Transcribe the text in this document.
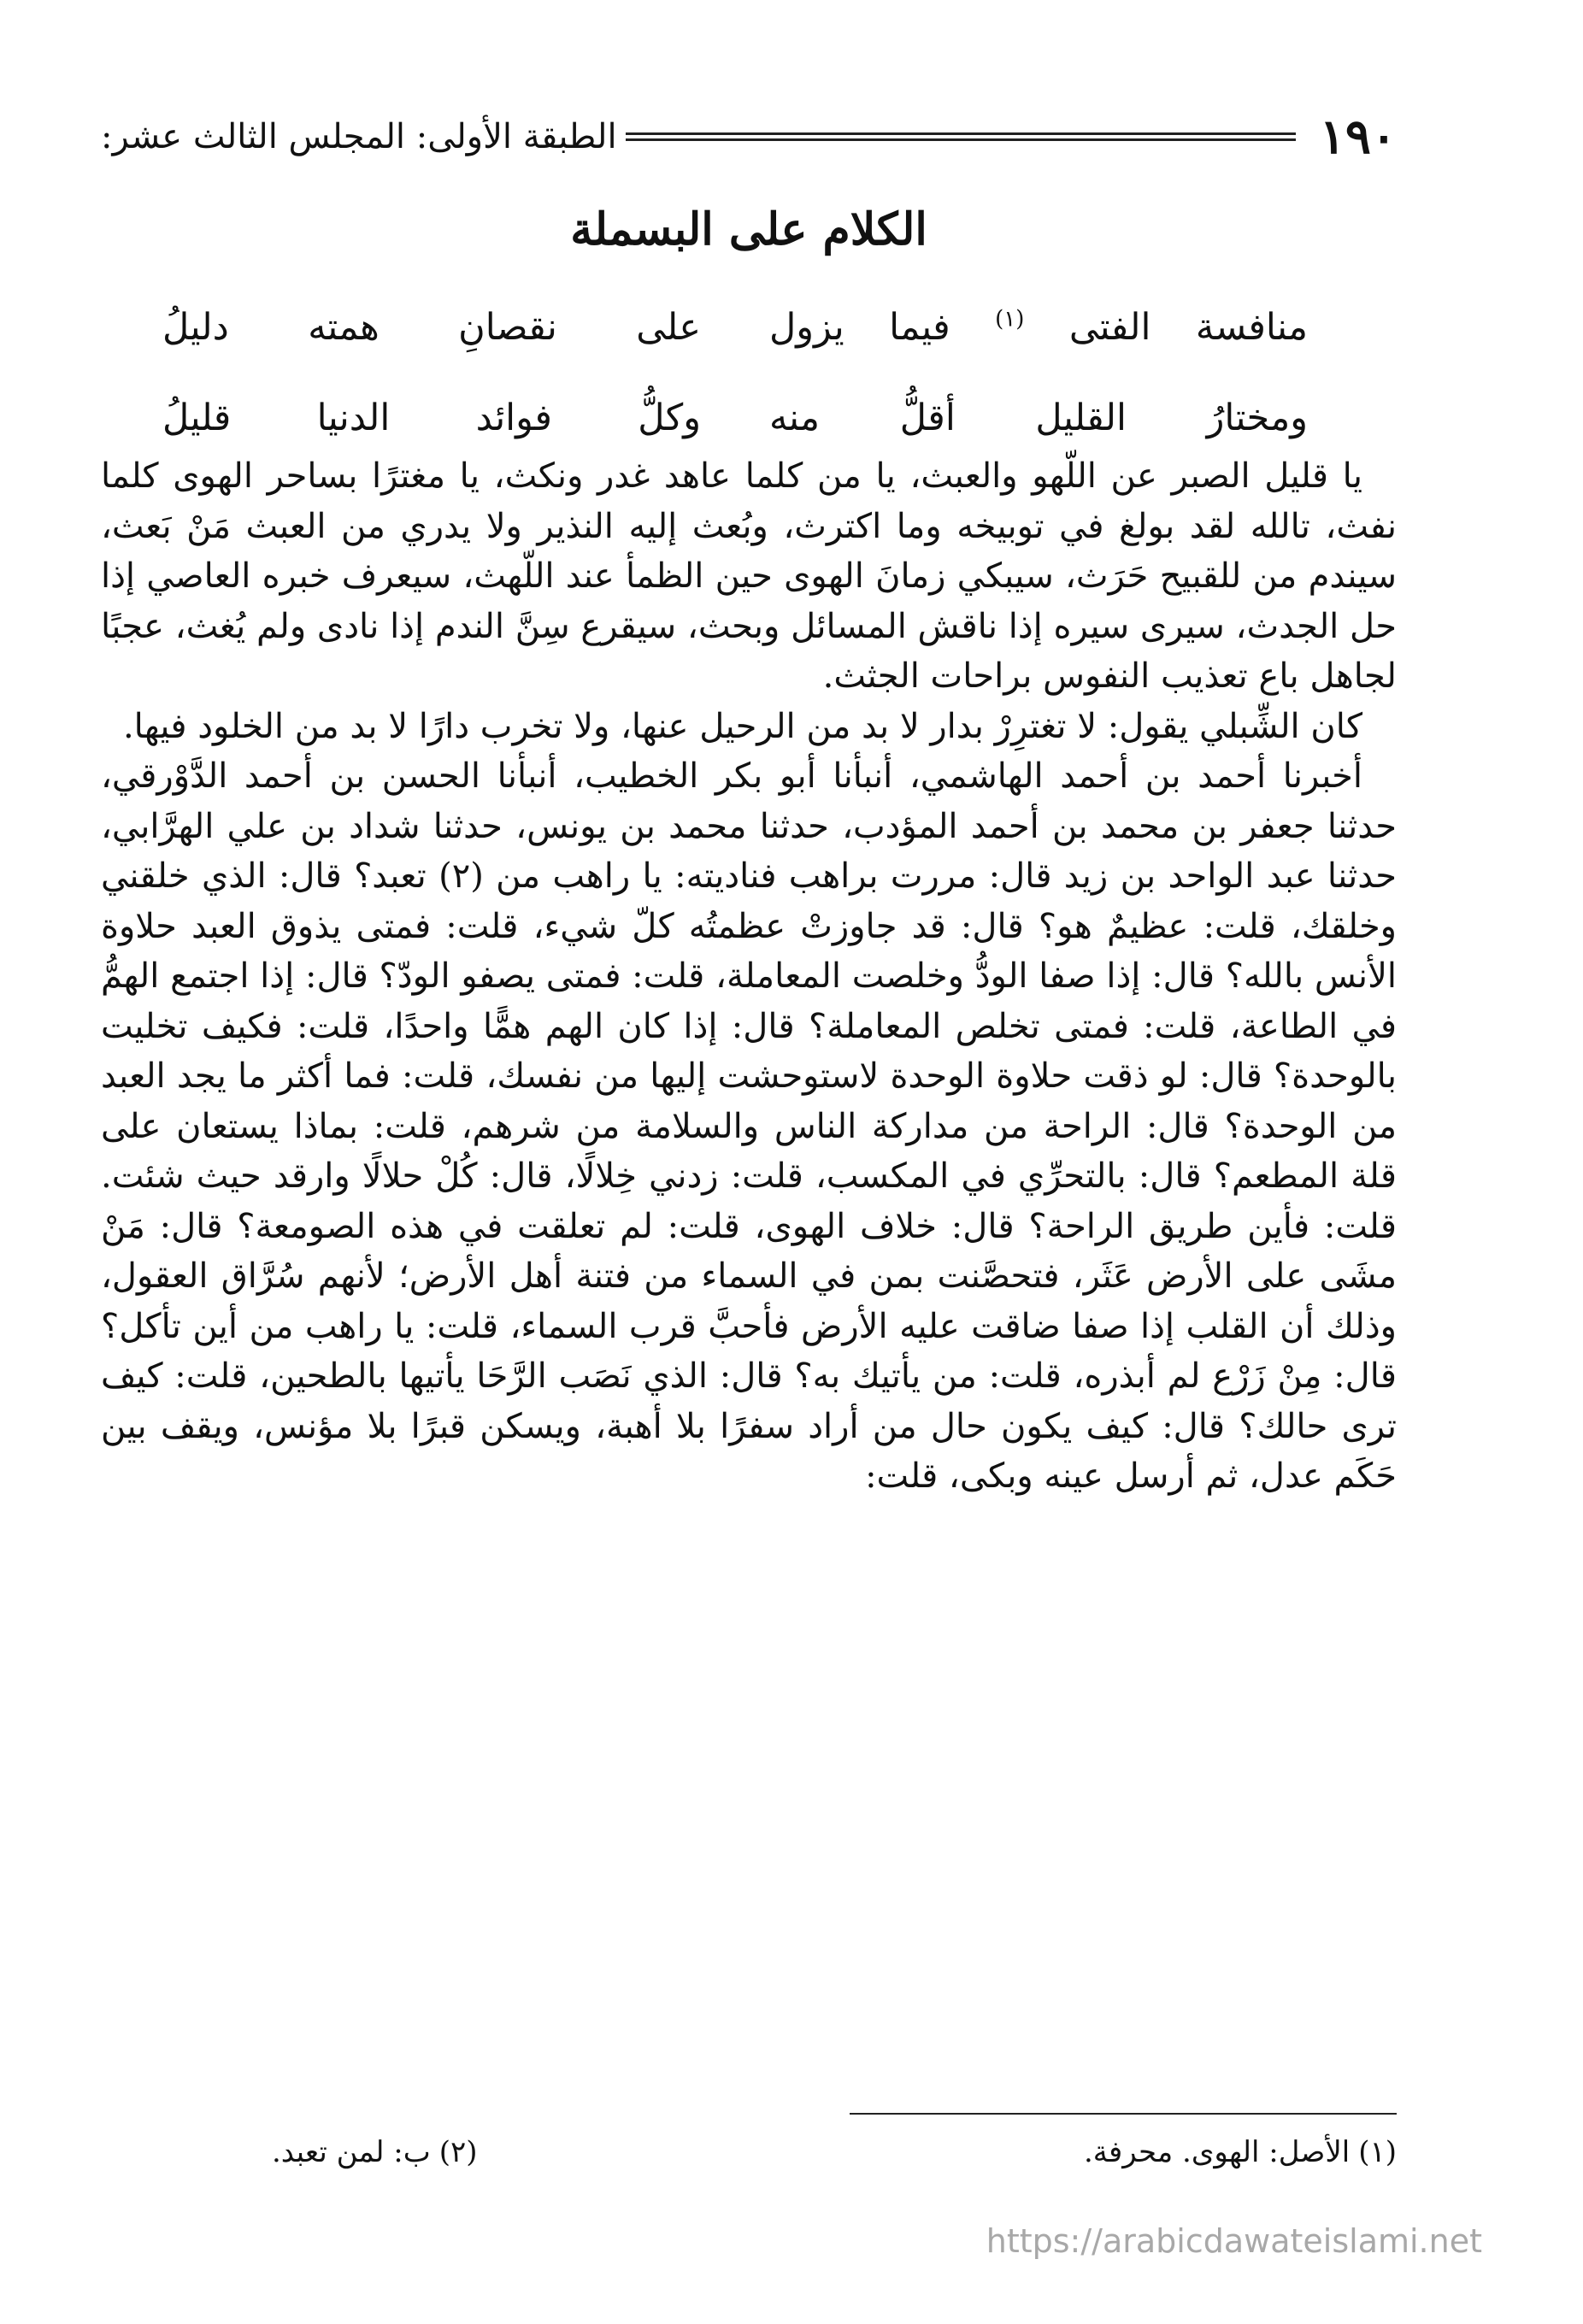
١٩٠
الطبقة الأولى: المجلس الثالث عشر:
الكلام على البسملة
منافسة الفتى $^{(١)}$ فيما يزول
على نقصانِ همته دليلُ
ومختارُ القليل أقلُّ منه
وكلُّ فوائد الدنيا قليلُ

يا قليل الصبر عن اللّهو والعبث، يا من كلما عاهد غدر ونكث، يا مغترًا بساحر الهوى كلما نفث، تالله لقد بولغ في توبيخه وما اكترث، وبُعث إليه النذير ولا يدري من العبث مَنْ بَعث، سيندم من للقبيح حَرَث، سيبكي زمانَ الهوى حين الظمأ عند اللّهث، سيعرف خبره العاصي إذا حل الجدث، سيرى سيره إذا ناقش المسائل وبحث، سيقرع سِنَّ الندم إذا نادى ولم يُغث، عجبًا لجاهل باع تعذيب النفوس براحات الجثث.

كان الشِّبلي يقول: لا تغترِرْ بدار لا بد من الرحيل عنها، ولا تخرب دارًا لا بد من الخلود فيها.

أخبرنا أحمد بن أحمد الهاشمي، أنبأنا أبو بكر الخطيب، أنبأنا الحسن بن أحمد الدَّوْرقي، حدثنا جعفر بن محمد بن أحمد المؤدب، حدثنا محمد بن يونس، حدثنا شداد بن علي الهرَّابي، حدثنا عبد الواحد بن زيد قال: مررت براهب فناديته: يا راهب من (٢) تعبد؟ قال: الذي خلقني وخلقك، قلت: عظيمٌ هو؟ قال: قد جاوزتْ عظمتُه كلّ شيء، قلت: فمتى يذوق العبد حلاوة الأنس بالله؟ قال: إذا صفا الودُّ وخلصت المعاملة، قلت: فمتى يصفو الودّ؟ قال: إذا اجتمع الهمُّ في الطاعة، قلت: فمتى تخلص المعاملة؟ قال: إذا كان الهم همًّا واحدًا، قلت: فكيف تخليت بالوحدة؟ قال: لو ذقت حلاوة الوحدة لاستوحشت إليها من نفسك، قلت: فما أكثر ما يجد العبد من الوحدة؟ قال: الراحة من مداركة الناس والسلامة من شرهم، قلت: بماذا يستعان على قلة المطعم؟ قال: بالتحرِّي في المكسب، قلت: زدني خِلالًا، قال: كُلْ حلالًا وارقد حيث شئت. قلت: فأين طريق الراحة؟ قال: خلاف الهوى، قلت: لم تعلقت في هذه الصومعة؟ قال: مَنْ مشَى على الأرض عَثَر، فتحصَّنت بمن في السماء من فتنة أهل الأرض؛ لأنهم سُرَّاق العقول، وذلك أن القلب إذا صفا ضاقت عليه الأرض فأحبَّ قرب السماء، قلت: يا راهب من أين تأكل؟ قال: مِنْ زَرْع لم أبذره، قلت: من يأتيك به؟ قال: الذي نَصَب الرَّحَا يأتيها بالطحين، قلت: كيف ترى حالك؟ قال: كيف يكون حال من أراد سفرًا بلا أهبة، ويسكن قبرًا بلا مؤنس، ويقف بين حَكَم عدل، ثم أرسل عينه وبكى، قلت:

(١)
الأصل: الهوى. محرفة.
(٢)
ب: لمن تعبد.
https://arabicdawateislami.net
